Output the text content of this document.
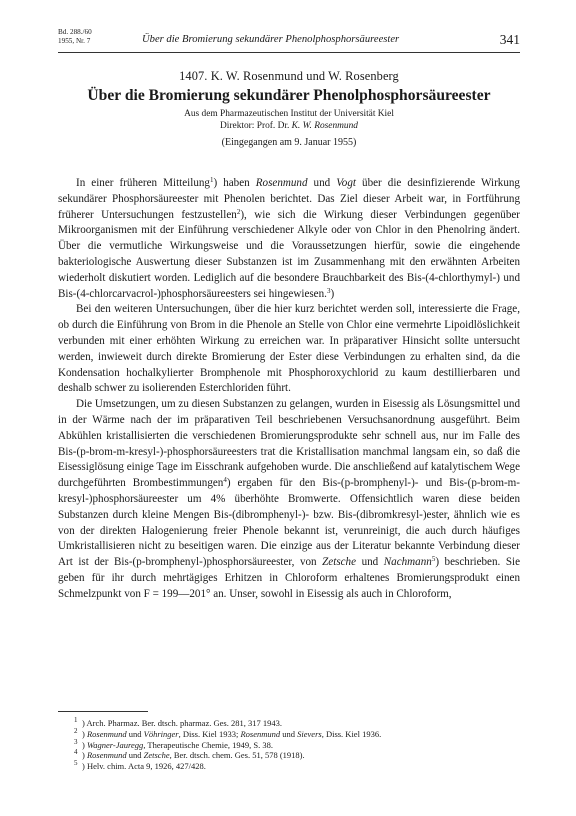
Bd. 288./60
1955, Nr. 7	Über die Bromierung sekundärer Phenolphosphorsäureester	341

1407. K. W. Rosenmund und W. Rosenberg

Über die Bromierung sekundärer Phenolphosphorsäureester

Aus dem Pharmazeutischen Institut der Universität Kiel

Direktor: Prof. Dr. K. W. Rosenmund

(Eingegangen am 9. Januar 1955)

In einer früheren Mitteilung$^1$) haben Rosenmund und Vogt über die desinfizierende Wirkung sekundärer Phosphorsäureester mit Phenolen berichtet. Das Ziel dieser Arbeit war, in Fortführung früherer Untersuchungen festzustellen$^2$), wie sich die Wirkung dieser Verbindungen gegenüber Mikroorganismen mit der Einführung verschiedener Alkyle oder von Chlor in den Phenolring ändert. Über die vermutliche Wirkungsweise und die Voraussetzungen hierfür, sowie die eingehende bakteriologische Auswertung dieser Substanzen ist im Zusammenhang mit den erwähnten Arbeiten wiederholt diskutiert worden. Lediglich auf die besondere Brauchbarkeit des Bis-(4-chlorthymyl-) und Bis-(4-chlorcarvacrol-)phosphorsäureesters sei hingewiesen.$^3$)

Bei den weiteren Untersuchungen, über die hier kurz berichtet werden soll, interessierte die Frage, ob durch die Einführung von Brom in die Phenole an Stelle von Chlor eine vermehrte Lipoidlöslichkeit verbunden mit einer erhöhten Wirkung zu erreichen war. In präparativer Hinsicht sollte untersucht werden, inwieweit durch direkte Bromierung der Ester diese Verbindungen zu erhalten sind, da die Kondensation hochalkylierter Bromphenole mit Phosphoroxychlorid zu kaum destillierbaren und deshalb schwer zu isolierenden Esterchloriden führt.

Die Umsetzungen, um zu diesen Substanzen zu gelangen, wurden in Eisessig als Lösungsmittel und in der Wärme nach der im präparativen Teil beschriebenen Versuchsanordnung ausgeführt. Beim Abkühlen kristallisierten die verschiedenen Bromierungsprodukte sehr schnell aus, nur im Falle des Bis-(p-brom-m-kresyl-)-phosphorsäureesters trat die Kristallisation manchmal langsam ein, so daß die Eisessiglösung einige Tage im Eisschrank aufgehoben wurde. Die anschließend auf katalytischem Wege durchgeführten Brombestimmungen$^4$) ergaben für den Bis-(p-bromphenyl-)- und Bis-(p-brom-m-kresyl-)phosphorsäureester um 4% überhöhte Bromwerte. Offensichtlich waren diese beiden Substanzen durch kleine Mengen Bis-(dibromphenyl-)- bzw. Bis-(dibromkresyl-)ester, ähnlich wie es von der direkten Halogenierung freier Phenole bekannt ist, verunreinigt, die auch durch häufiges Umkristallisieren nicht zu beseitigen waren. Die einzige aus der Literatur bekannte Verbindung dieser Art ist der Bis-(p-bromphenyl-)phosphorsäureester, von Zetsche und Nachmann$^5$) beschrieben. Sie geben für ihr durch mehrtägiges Erhitzen in Chloroform erhaltenes Bromierungsprodukt einen Schmelzpunkt von F = 199—201° an. Unser, sowohl in Eisessig als auch in Chloroform,

$^1$ ) Arch. Pharmaz. Ber. dtsch. pharmaz. Ges. 281, 317 1943.

$^2$ ) Rosenmund und Vöhringer, Diss. Kiel 1933; Rosenmund und Sievers, Diss. Kiel 1936.

$^3$ ) Wagner-Jauregg, Therapeutische Chemie, 1949, S. 38.

$^4$ ) Rosenmund und Zetsche, Ber. dtsch. chem. Ges. 51, 578 (1918).

$^5$ ) Helv. chim. Acta 9, 1926, 427/428.
